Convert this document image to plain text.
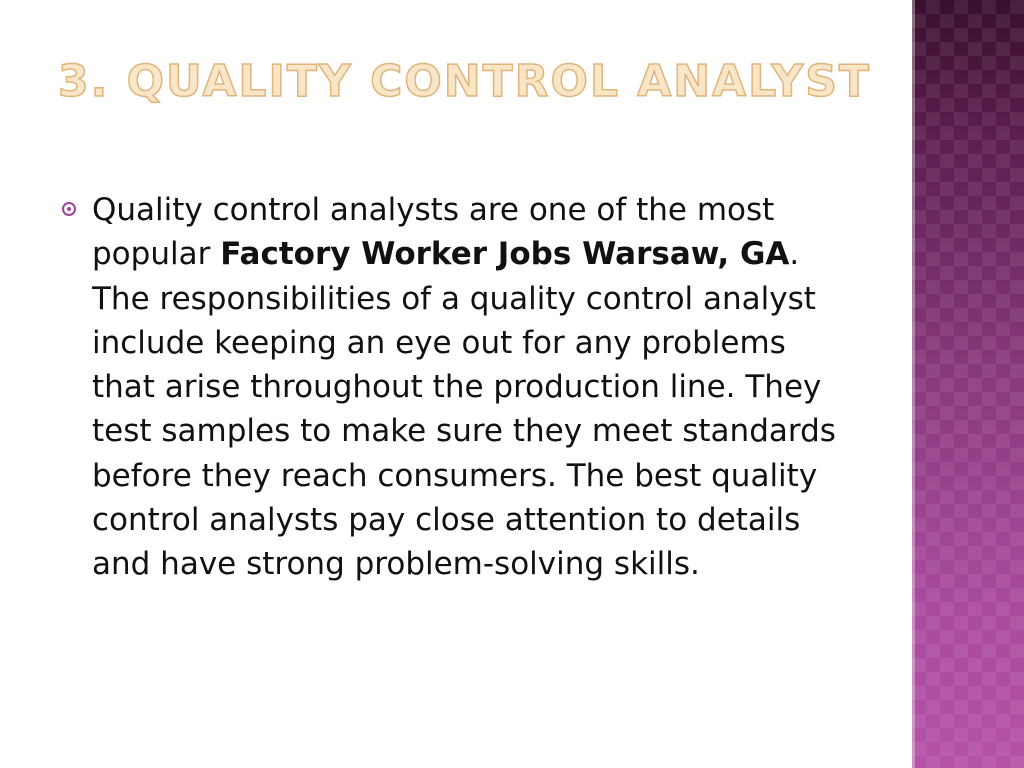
3. QUALITY CONTROL ANALYST

Quality control analysts are one of the most popular Factory Worker Jobs Warsaw, GA. The responsibilities of a quality control analyst include keeping an eye out for any problems that arise throughout the production line. They test samples to make sure they meet standards before they reach consumers. The best quality control analysts pay close attention to details and have strong problem-solving skills.
